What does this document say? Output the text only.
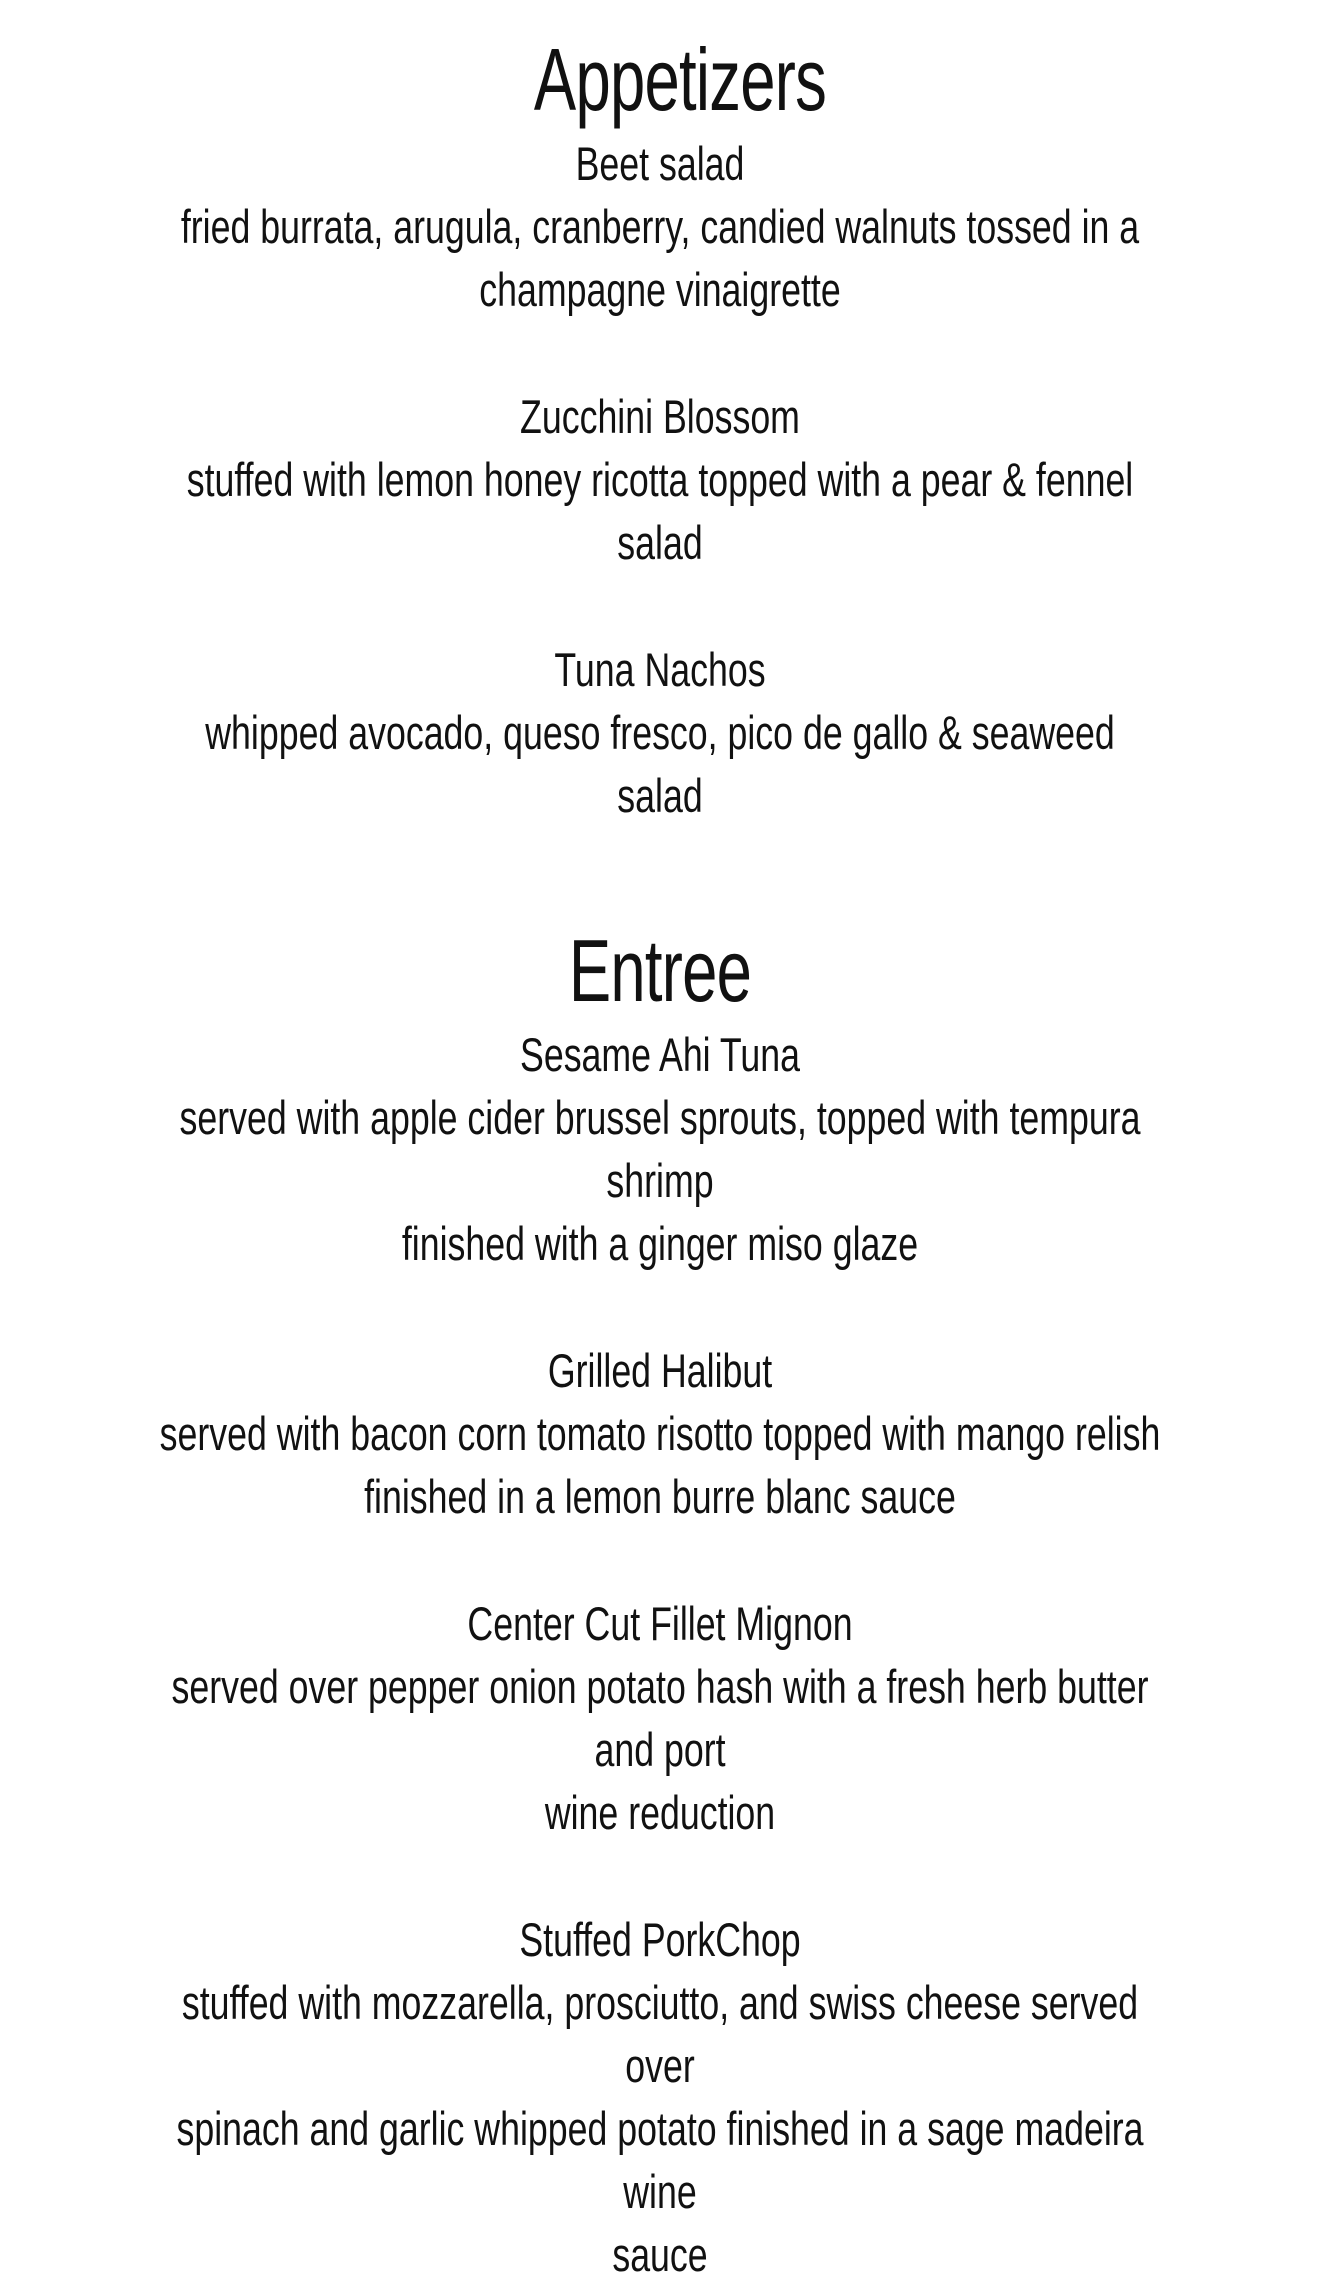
Appetizers
Beet salad
fried burrata, arugula, cranberry, candied walnuts tossed in a
champagne vinaigrette
Zucchini Blossom
stuffed with lemon honey ricotta topped with a pear & fennel salad
Tuna Nachos
whipped avocado, queso fresco, pico de gallo & seaweed salad
Entree
Sesame Ahi Tuna
served with apple cider brussel sprouts, topped with tempura shrimp
finished with a ginger miso glaze
Grilled Halibut
served with bacon corn tomato risotto topped with mango relish
finished in a lemon burre blanc sauce
Center Cut Fillet Mignon
served over pepper onion potato hash with a fresh herb butter and port
wine reduction
Stuffed PorkChop
stuffed with mozzarella, prosciutto, and swiss cheese served over
spinach and garlic whipped potato finished in a sage madeira wine
sauce
